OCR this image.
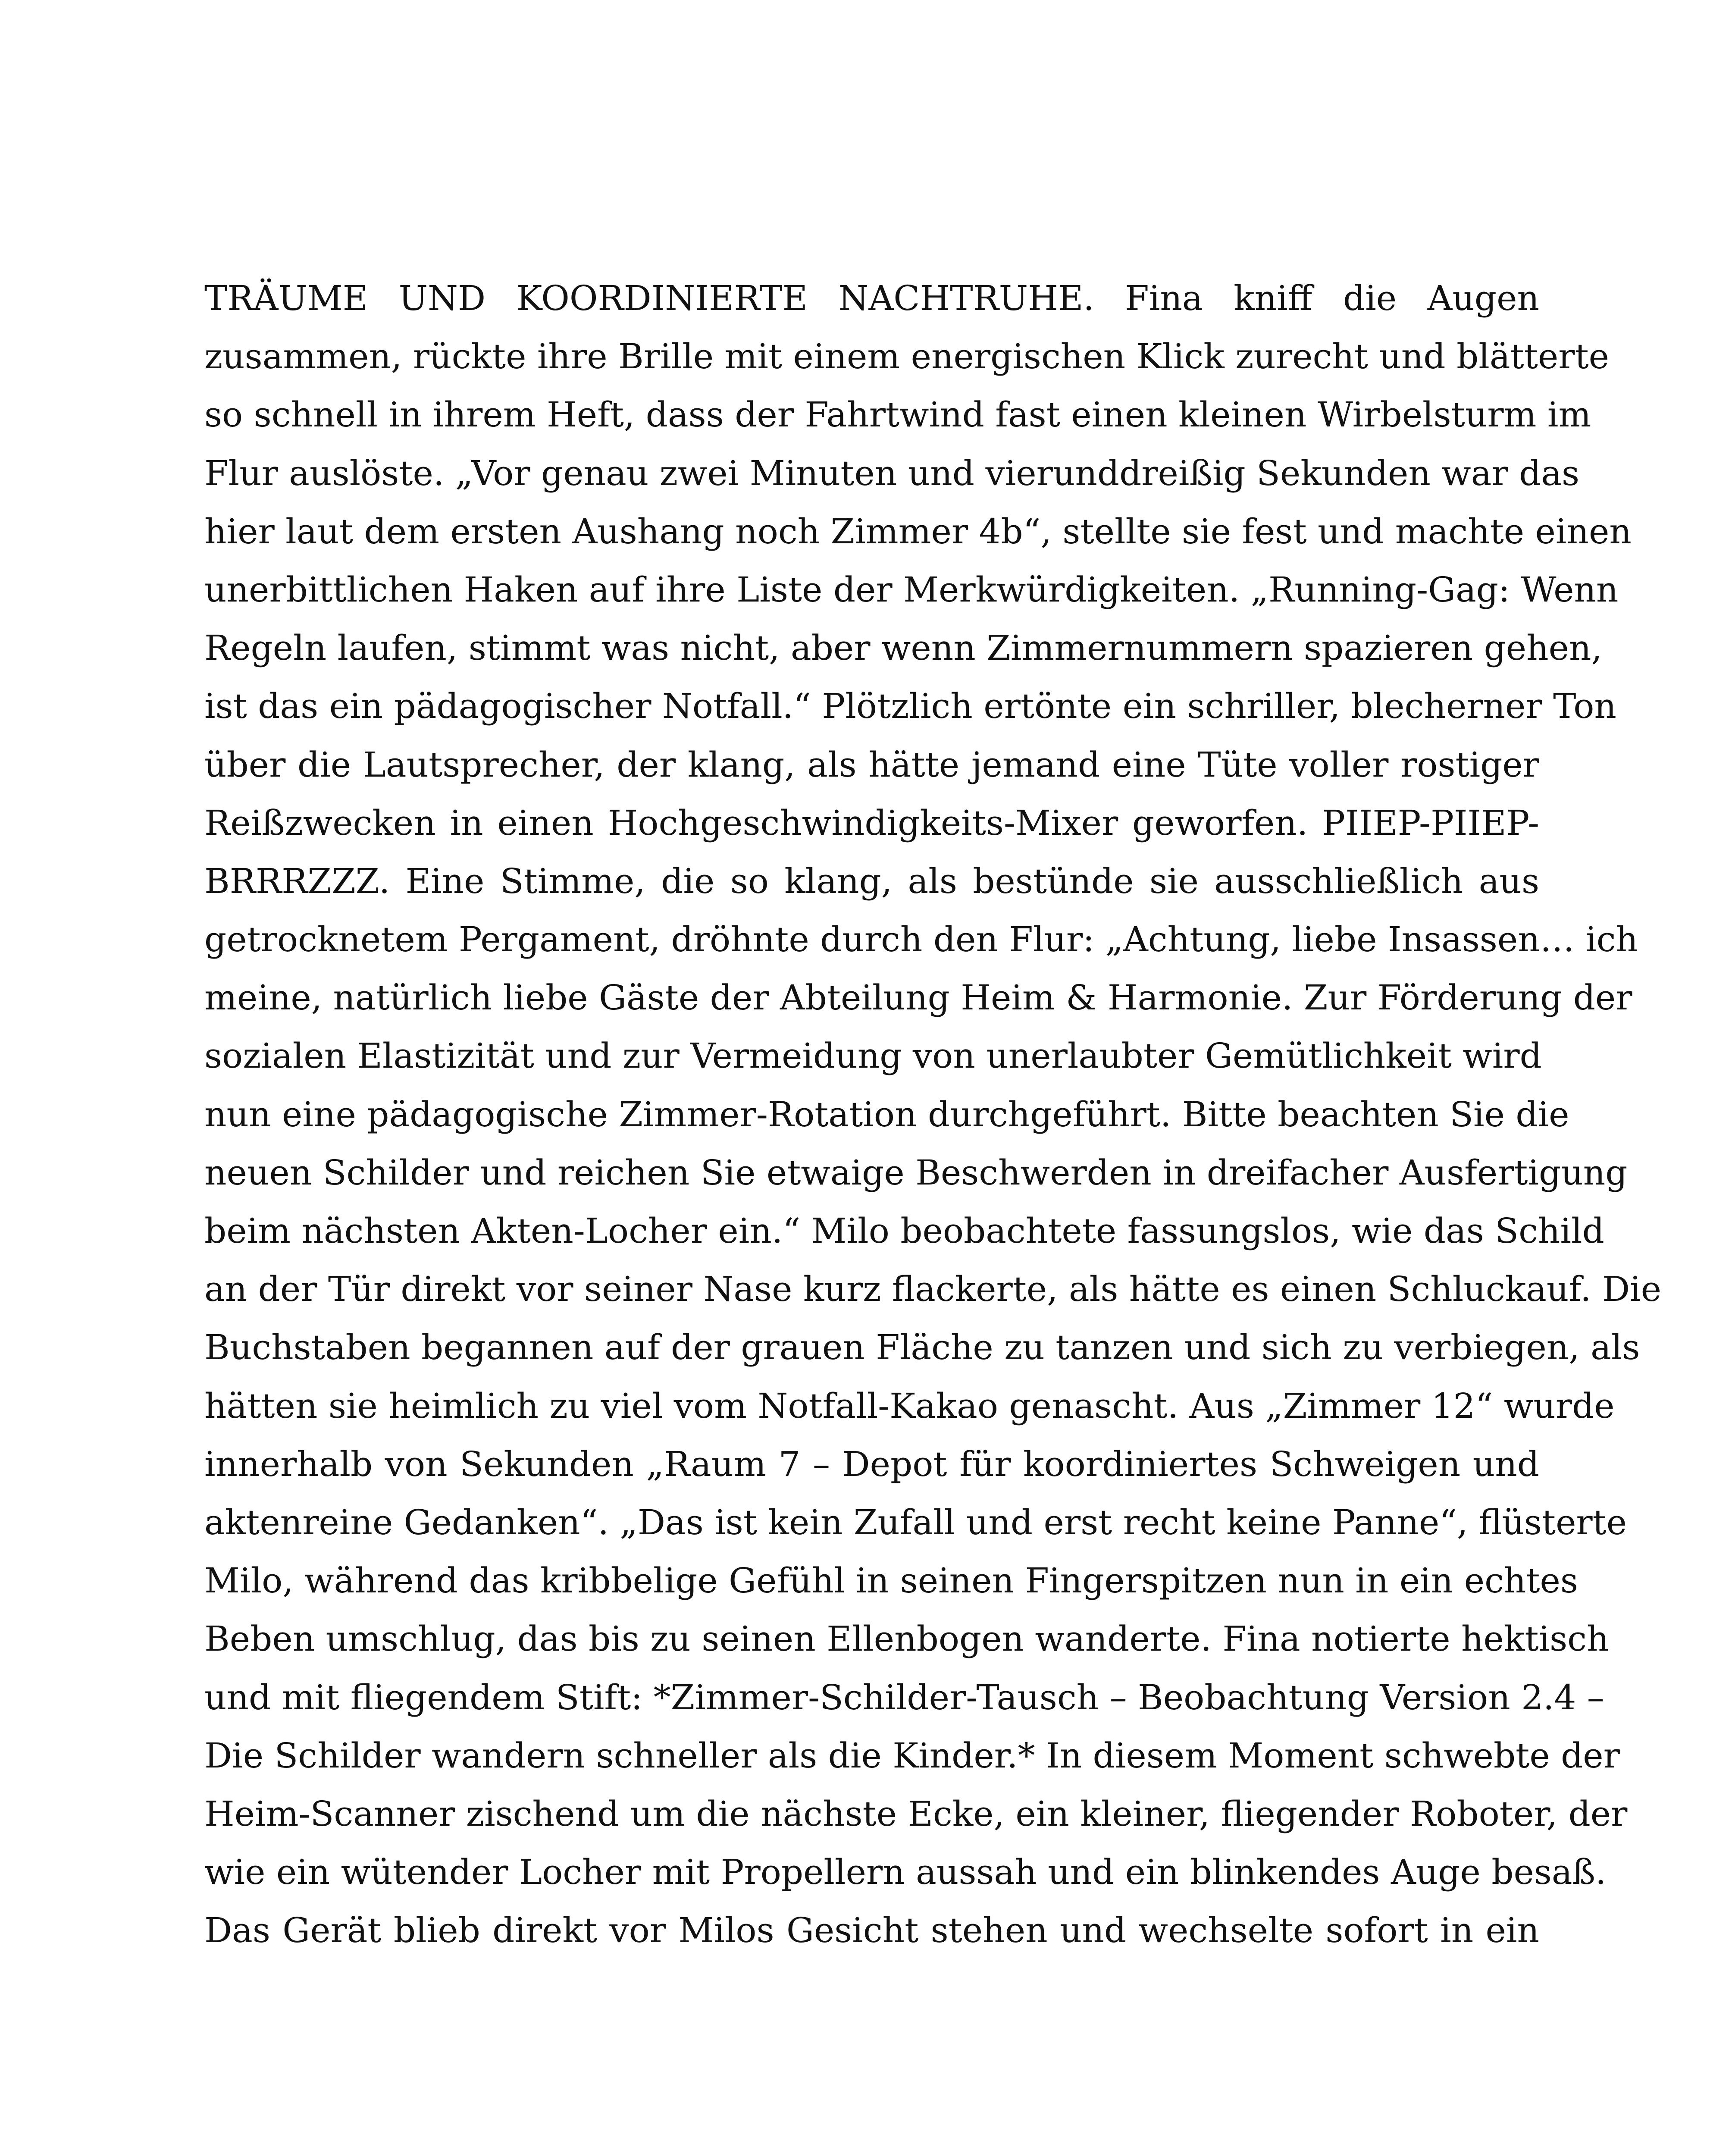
TRÄUME UND KOORDINIERTE NACHTRUHE. Fina kniff die Augen
zusammen, rückte ihre Brille mit einem energischen Klick zurecht und blätterte
so schnell in ihrem Heft, dass der Fahrtwind fast einen kleinen Wirbelsturm im
Flur auslöste. „Vor genau zwei Minuten und vierunddreißig Sekunden war das
hier laut dem ersten Aushang noch Zimmer 4b“, stellte sie fest und machte einen
unerbittlichen Haken auf ihre Liste der Merkwürdigkeiten. „Running-Gag: Wenn
Regeln laufen, stimmt was nicht, aber wenn Zimmernummern spazieren gehen,
ist das ein pädagogischer Notfall.“ Plötzlich ertönte ein schriller, blecherner Ton
über die Lautsprecher, der klang, als hätte jemand eine Tüte voller rostiger
Reißzwecken in einen Hochgeschwindigkeits-Mixer geworfen. PIIEP-PIIEP-
BRRRZZZ. Eine Stimme, die so klang, als bestünde sie ausschließlich aus
getrocknetem Pergament, dröhnte durch den Flur: „Achtung, liebe Insassen… ich
meine, natürlich liebe Gäste der Abteilung Heim & Harmonie. Zur Förderung der
sozialen Elastizität und zur Vermeidung von unerlaubter Gemütlichkeit wird
nun eine pädagogische Zimmer-Rotation durchgeführt. Bitte beachten Sie die
neuen Schilder und reichen Sie etwaige Beschwerden in dreifacher Ausfertigung
beim nächsten Akten-Locher ein.“ Milo beobachtete fassungslos, wie das Schild
an der Tür direkt vor seiner Nase kurz flackerte, als hätte es einen Schluckauf. Die
Buchstaben begannen auf der grauen Fläche zu tanzen und sich zu verbiegen, als
hätten sie heimlich zu viel vom Notfall-Kakao genascht. Aus „Zimmer 12“ wurde
innerhalb von Sekunden „Raum 7 – Depot für koordiniertes Schweigen und
aktenreine Gedanken“. „Das ist kein Zufall und erst recht keine Panne“, flüsterte
Milo, während das kribbelige Gefühl in seinen Fingerspitzen nun in ein echtes
Beben umschlug, das bis zu seinen Ellenbogen wanderte. Fina notierte hektisch
und mit fliegendem Stift: *Zimmer-Schilder-Tausch – Beobachtung Version 2.4 –
Die Schilder wandern schneller als die Kinder.* In diesem Moment schwebte der
Heim-Scanner zischend um die nächste Ecke, ein kleiner, fliegender Roboter, der
wie ein wütender Locher mit Propellern aussah und ein blinkendes Auge besaß.
Das Gerät blieb direkt vor Milos Gesicht stehen und wechselte sofort in ein
